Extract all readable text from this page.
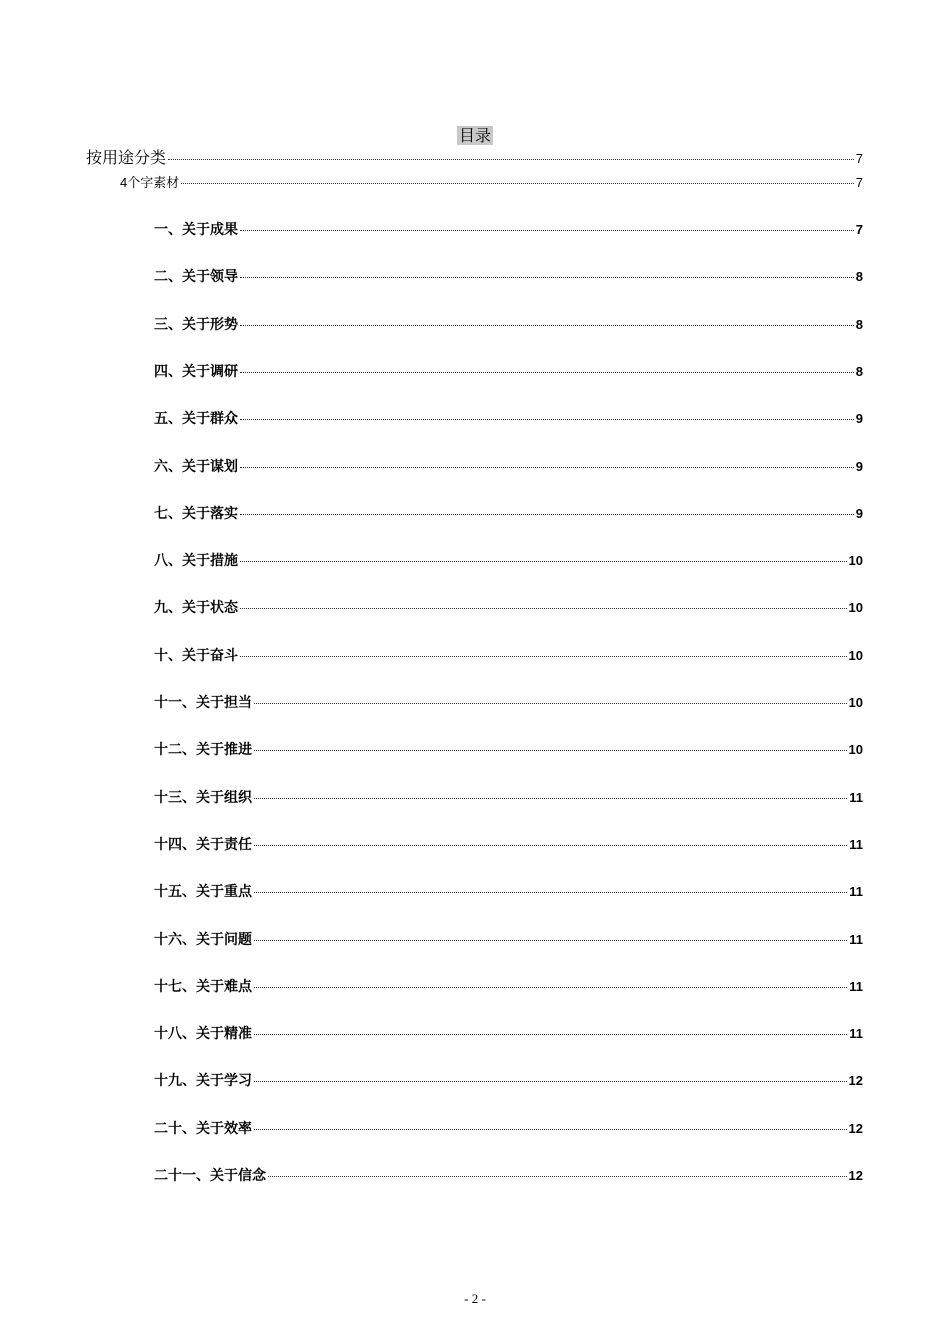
目录
按用途分类	7
4个字素材	7
一、关于成果	7
二、关于领导	8
三、关于形势	8
四、关于调研	8
五、关于群众	9
六、关于谋划	9
七、关于落实	9
八、关于措施	10
九、关于状态	10
十、关于奋斗	10
十一、关于担当	10
十二、关于推进	10
十三、关于组织	11
十四、关于责任	11
十五、关于重点	11
十六、关于问题	11
十七、关于难点	11
十八、关于精准	11
十九、关于学习	12
二十、关于效率	12
二十一、关于信念	12
- 2 -
